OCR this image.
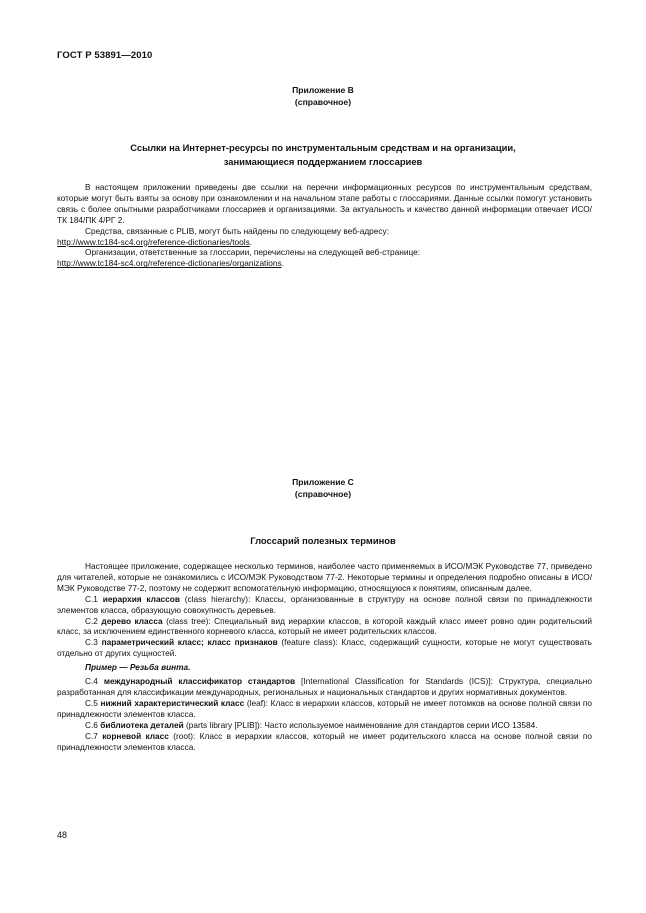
ГОСТ Р 53891—2010
Приложение В
(справочное)
Ссылки на Интернет-ресурсы по инструментальным средствам и на организации,
занимающиеся поддержанием глоссариев

В настоящем приложении приведены две ссылки на перечни информационных ресурсов по инструментальным средствам, которые могут быть взяты за основу при ознакомлении и на начальном этапе работы с глоссариями. Данные ссылки помогут установить связь с более опытными разработчиками глоссариев и организациями. За актуальность и качество данной информации отвечает ИСО/ТК 184/ПК 4/РГ 2.

Средства, связанные с PLIB, могут быть найдены по следующему веб-адресу:

http://www.tc184-sc4.org/reference-dictionaries/tools.

Организации, ответственные за глоссарии, перечислены на следующей веб-странице:

http://www.tc184-sc4.org/reference-dictionaries/organizations.

Приложение С
(справочное)
Глоссарий полезных терминов

Настоящее приложение, содержащее несколько терминов, наиболее часто применяемых в ИСО/МЭК Руководстве 77, приведено для читателей, которые не ознакомились с ИСО/МЭК Руководством 77-2. Некоторые термины и определения подробно описаны в ИСО/МЭК Руководстве 77-2, поэтому не содержит вспомогательную информацию, относящуюся к понятиям, описанным далее.

С.1 иерархия классов (class hierarchy): Классы, организованные в структуру на основе полной связи по принадлежности элементов класса, образующую совокупность деревьев.

С.2 дерево класса (class tree): Специальный вид иерархии классов, в которой каждый класс имеет ровно один родительский класс, за исключением единственного корневого класса, который не имеет родительских классов.

С.3 параметрический класс; класс признаков (feature class): Класс, содержащий сущности, которые не могут существовать отдельно от других сущностей.

Пример — Резьба винта.

С.4 международный классификатор стандартов [International Classification for Standards (ICS)]: Структура, специально разработанная для классификации международных, региональных и национальных стандартов и других нормативных документов.

С.5 нижний характеристический класс (leaf): Класс в иерархии классов, который не имеет потомков на основе полной связи по принадлежности элементов класса.

С.6 библиотека деталей (parts library [PLIB]): Часто используемое наименование для стандартов серии ИСО 13584.

С.7 корневой класс (root): Класс в иерархии классов, который не имеет родительского класса на основе полной связи по принадлежности элементов класса.

48
